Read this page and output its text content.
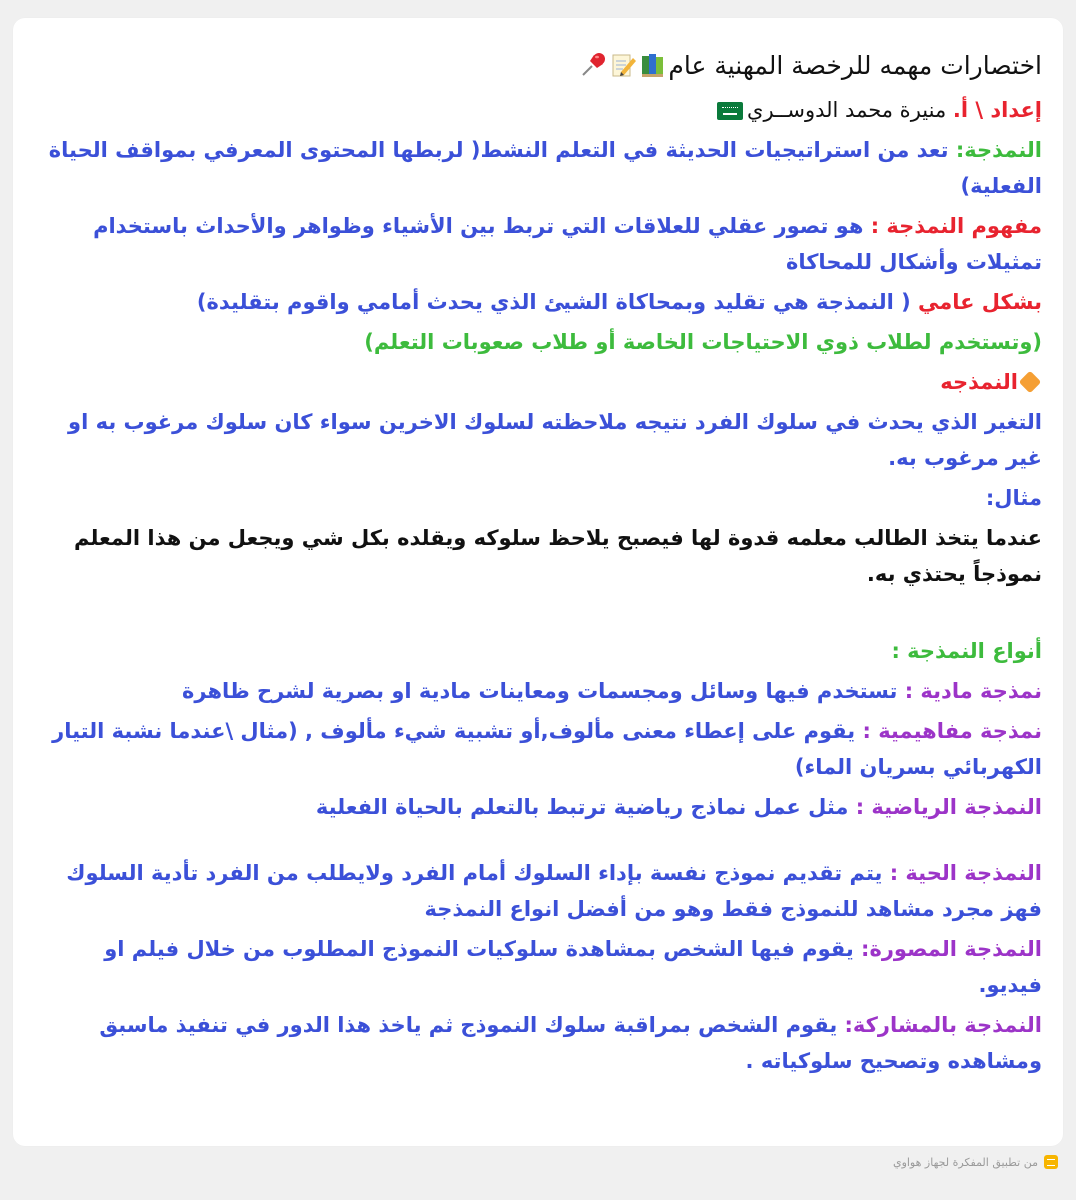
اختصارات مهمه للرخصة المهنية عام

إعداد \ أ. منيرة محمد الدوســري

النمذجة: تعد من استراتيجيات الحديثة في التعلم النشط( لربطها المحتوى المعرفي بمواقف الحياة الفعلية)

مفهوم النمذجة : هو تصور عقلي للعلاقات التي تربط بين الأشياء وظواهر والأحداث باستخدام تمثيلات وأشكال للمحاكاة

بشكل عامي ( النمذجة هي تقليد وبمحاكاة الشيئ الذي يحدث أمامي واقوم بتقليدة)

(وتستخدم لطلاب ذوي الاحتياجات الخاصة أو طلاب صعوبات التعلم)

النمذجه

التغير الذي يحدث في سلوك الفرد نتيجه ملاحظته لسلوك الاخرين سواء كان سلوك مرغوب به او غير مرغوب به.

مثال:

عندما يتخذ الطالب معلمه قدوة لها فيصبح يلاحظ سلوكه ويقلده بكل شي ويجعل من هذا المعلم نموذجاً يحتذي به.

أنواع النمذجة :

نمذجة مادية : تستخدم فيها وسائل ومجسمات ومعاينات مادية او بصرية لشرح ظاهرة

نمذجة مفاهيمية : يقوم على إعطاء معنى مألوف,أو تشبية شيء مألوف , (مثال \عندما نشبة التيار الكهربائي بسريان الماء)

النمذجة الرياضية : مثل عمل نماذج رياضية ترتبط بالتعلم بالحياة الفعلية

النمذجة الحية : يتم تقديم نموذج نفسة بإداء السلوك أمام الفرد ولايطلب من الفرد تأدية السلوك فهز مجرد مشاهد للنموذج فقط وهو من أفضل انواع النمذجة

النمذجة المصورة: يقوم فيها الشخص بمشاهدة سلوكيات النموذج المطلوب من خلال فيلم او فيديو.

النمذجة بالمشاركة: يقوم الشخص بمراقبة سلوك النموذج ثم ياخذ هذا الدور في تنفيذ ماسبق ومشاهده وتصحيح سلوكياته .

من تطبيق المفكرة لجهاز هواوي
